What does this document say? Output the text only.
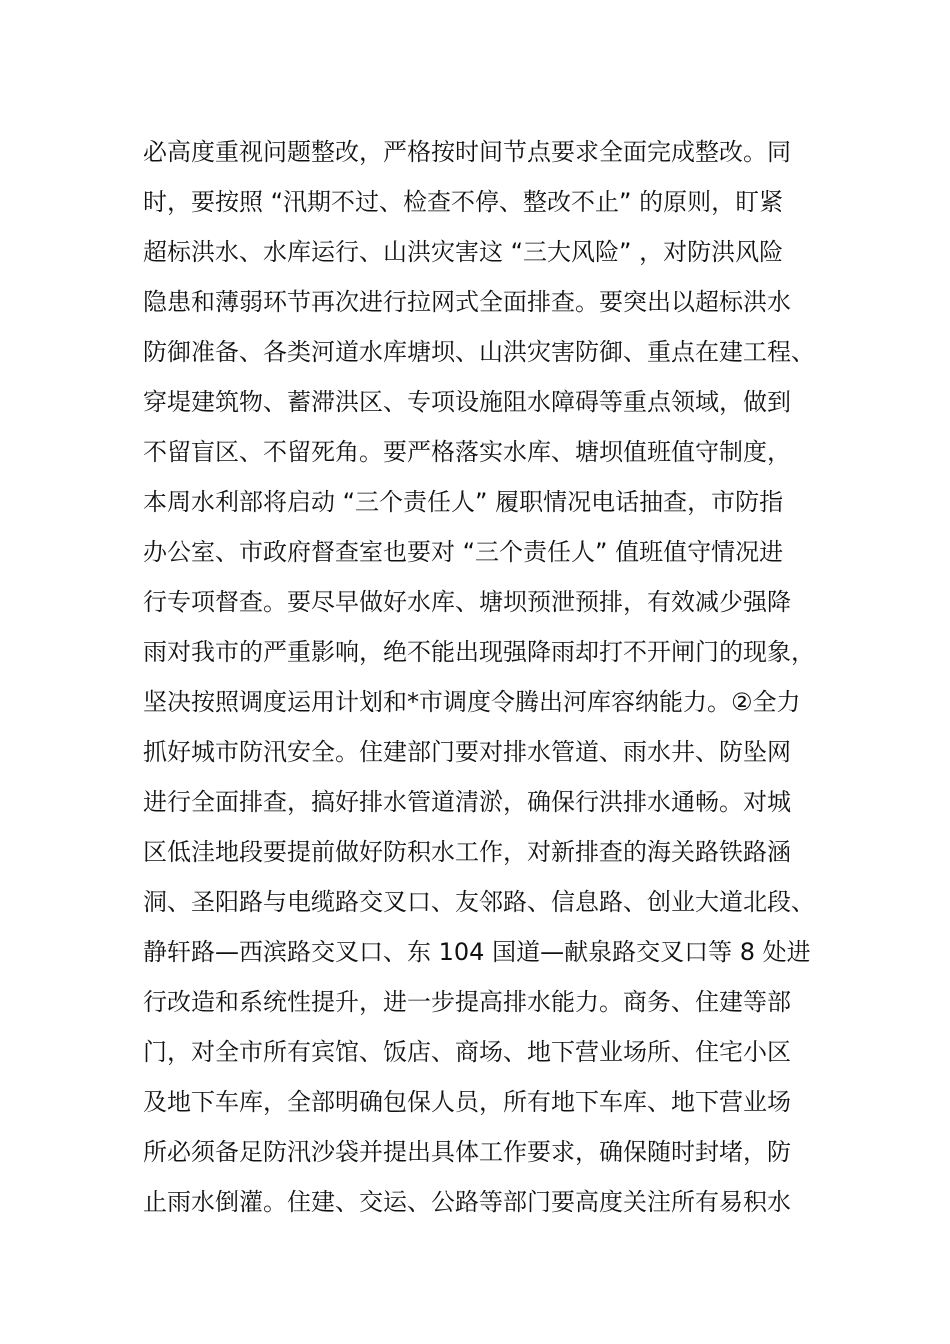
必高度重视问题整改，严格按时间节点要求全面完成整改。同
时，要按照 “汛期不过、检查不停、整改不止” 的原则，盯紧
超标洪水、水库运行、山洪灾害这 “三大风险” ，对防洪风险
隐患和薄弱环节再次进行拉网式全面排查。要突出以超标洪水
防御准备、各类河道水库塘坝、山洪灾害防御、重点在建工程、
穿堤建筑物、蓄滞洪区、专项设施阻水障碍等重点领域，做到
不留盲区、不留死角。要严格落实水库、塘坝值班值守制度，
本周水利部将启动 “三个责任人” 履职情况电话抽查，市防指
办公室、市政府督查室也要对 “三个责任人” 值班值守情况进
行专项督查。要尽早做好水库、塘坝预泄预排，有效减少强降
雨对我市的严重影响，绝不能出现强降雨却打不开闸门的现象，
坚决按照调度运用计划和*市调度令腾出河库容纳能力。②全力
抓好城市防汛安全。住建部门要对排水管道、雨水井、防坠网
进行全面排查，搞好排水管道清淤，确保行洪排水通畅。对城
区低洼地段要提前做好防积水工作，对新排查的海关路铁路涵
洞、圣阳路与电缆路交叉口、友邻路、信息路、创业大道北段、
静轩路—西滨路交叉口、东 104 国道—献泉路交叉口等 8 处进
行改造和系统性提升，进一步提高排水能力。商务、住建等部
门，对全市所有宾馆、饭店、商场、地下营业场所、住宅小区
及地下车库，全部明确包保人员，所有地下车库、地下营业场
所必须备足防汛沙袋并提出具体工作要求，确保随时封堵，防
止雨水倒灌。住建、交运、公路等部门要高度关注所有易积水
